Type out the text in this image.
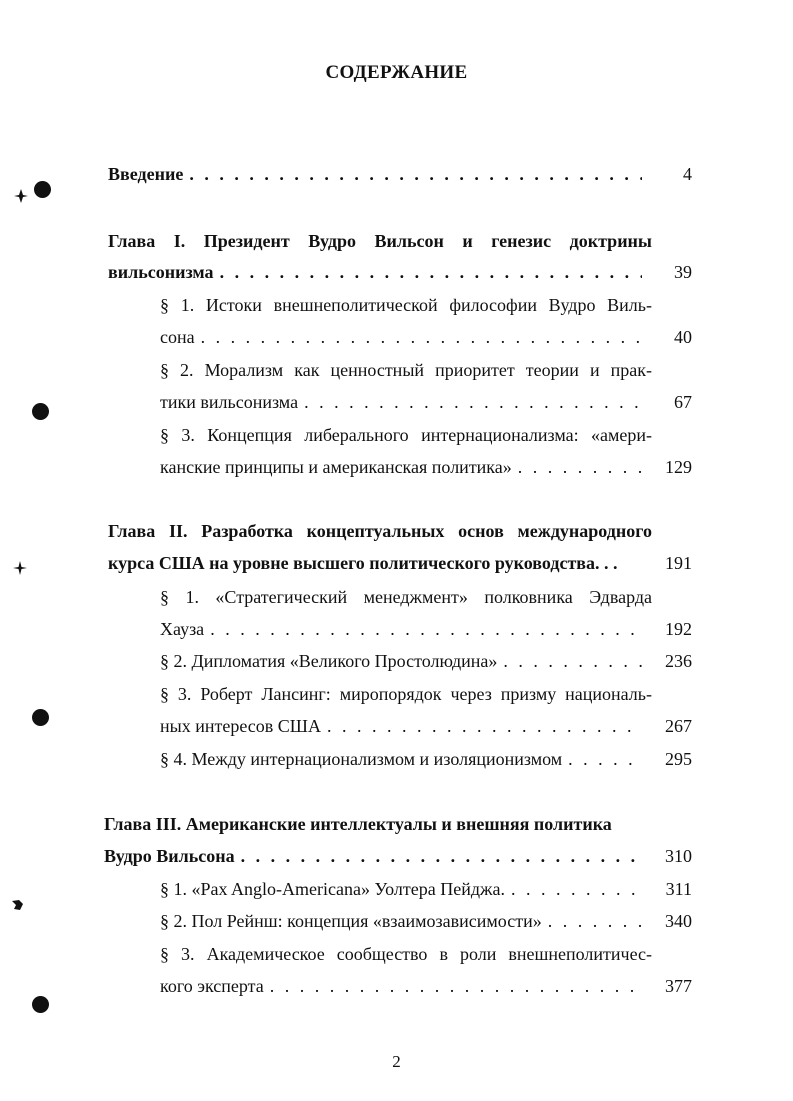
СОДЕРЖАНИЕ
Введение . . .	4
Глава I. Президент Вудро Вильсон и генезис доктрины
вильсонизма . . .	39
§ 1. Истоки внешнеполитической философии Вудро Виль-
сона . . .	40
§ 2. Морализм как ценностный приоритет теории и прак-
тики вильсонизма . . .	67
§ 3. Концепция либерального интернационализма: «амери-
канские принципы и американская политика» . . .	129
Глава II. Разработка концептуальных основ международного
курса США на уровне высшего политического руководства. . .	191
§ 1. «Стратегический менеджмент» полковника Эдварда
Хауза . . .	192
§ 2. Дипломатия «Великого Простолюдина» . . .	236
§ 3. Роберт Лансинг: миропорядок через призму националь-
ных интересов США . . .	267
§ 4. Между интернационализмом и изоляционизмом . . .	295
Глава III. Американские интеллектуалы и внешняя политика
Вудро Вильсона . . .	310
§ 1. «Pax Anglo-Americana» Уолтера Пейджа. . . .	311
§ 2. Пол Рейнш: концепция «взаимозависимости» . . .	340
§ 3. Академическое сообщество в роли внешнеполитичес-
кого эксперта . . .	377
2
